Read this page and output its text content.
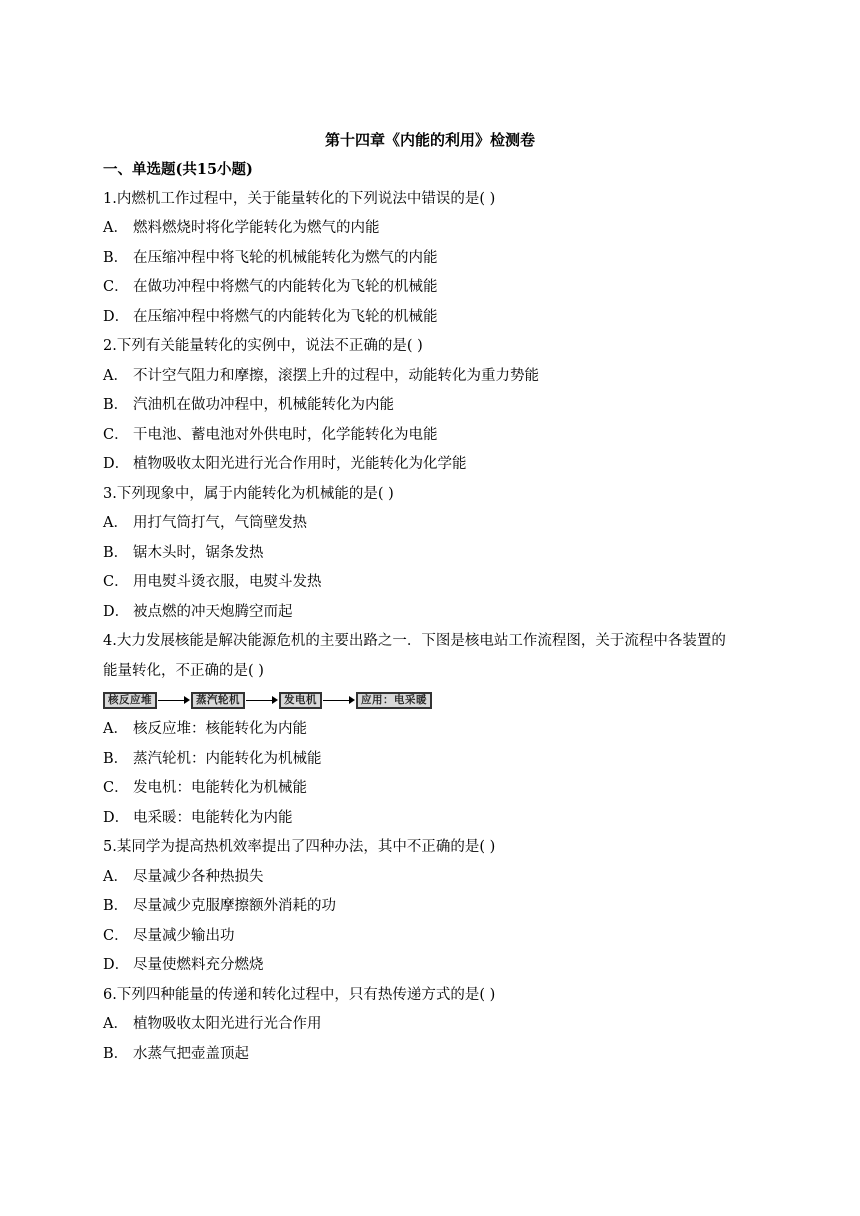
第十四章《内能的利用》检测卷
一、单选题(共15小题)
1.内燃机工作过程中，关于能量转化的下列说法中错误的是( )
A． 燃料燃烧时将化学能转化为燃气的内能
B． 在压缩冲程中将飞轮的机械能转化为燃气的内能
C． 在做功冲程中将燃气的内能转化为飞轮的机械能
D． 在压缩冲程中将燃气的内能转化为飞轮的机械能
2.下列有关能量转化的实例中，说法不正确的是( )
A． 不计空气阻力和摩擦，滚摆上升的过程中，动能转化为重力势能
B． 汽油机在做功冲程中，机械能转化为内能
C． 干电池、蓄电池对外供电时，化学能转化为电能
D． 植物吸收太阳光进行光合作用时，光能转化为化学能
3.下列现象中，属于内能转化为机械能的是( )
A． 用打气筒打气，气筒壁发热
B． 锯木头时，锯条发热
C． 用电熨斗烫衣服，电熨斗发热
D． 被点燃的冲天炮腾空而起
4.大力发展核能是解决能源危机的主要出路之一．下图是核电站工作流程图，关于流程中各装置的
能量转化，不正确的是( )
核反应堆	蒸汽轮机	发电机	应用：电采暖
A． 核反应堆：核能转化为内能
B． 蒸汽轮机：内能转化为机械能
C． 发电机：电能转化为机械能
D． 电采暖：电能转化为内能
5.某同学为提高热机效率提出了四种办法，其中不正确的是( )
A． 尽量减少各种热损失
B． 尽量减少克服摩擦额外消耗的功
C． 尽量减少输出功
D． 尽量使燃料充分燃烧
6.下列四种能量的传递和转化过程中，只有热传递方式的是( )
A． 植物吸收太阳光进行光合作用
B． 水蒸气把壶盖顶起
